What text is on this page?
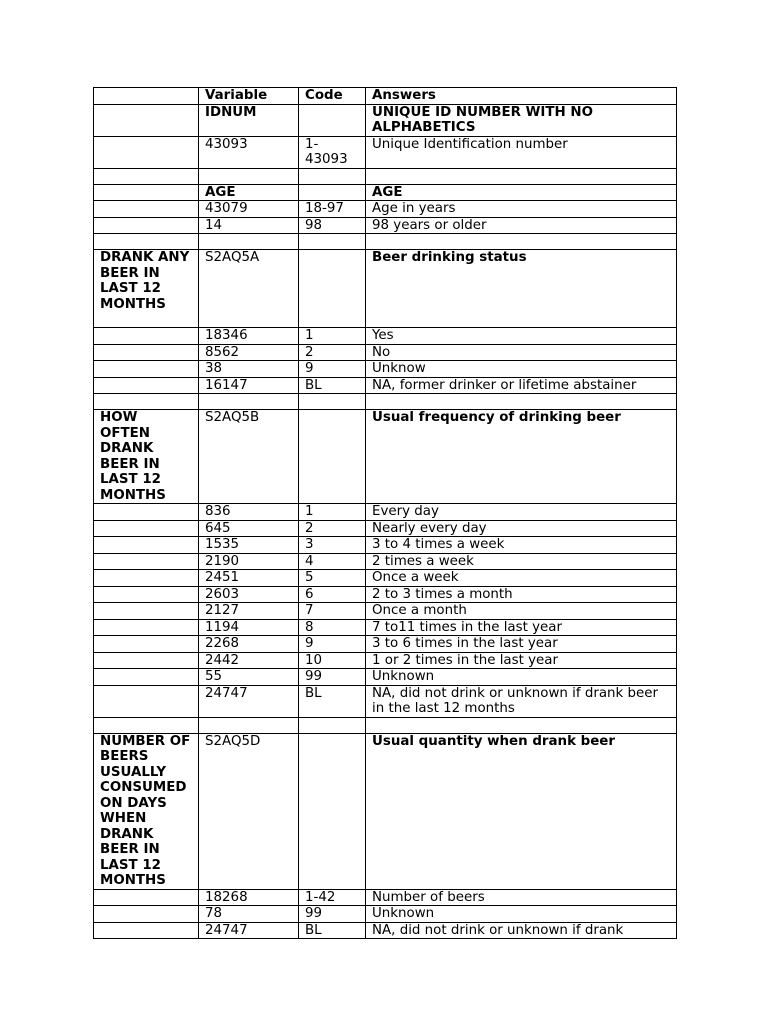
	Variable	Code	Answers
	IDNUM		UNIQUE ID NUMBER WITH NO ALPHABETICS
	43093	1-43093	Unique Identification number

	AGE		AGE
	43079	18-97	Age in years
	14	98	98 years or older

DRANK ANY BEER IN LAST 12 MONTHS	S2AQ5A		Beer drinking status
	18346	1	Yes
	8562	2	No
	38	9	Unknow
	16147	BL	NA, former drinker or lifetime abstainer

HOW OFTEN DRANK BEER IN LAST 12 MONTHS	S2AQ5B		Usual frequency of drinking beer
	836	1	Every day
	645	2	Nearly every day
	1535	3	3 to 4 times a week
	2190	4	2 times a week
	2451	5	Once a week
	2603	6	2 to 3 times a month
	2127	7	Once a month
	1194	8	7 to11 times in the last year
	2268	9	3 to 6 times in the last year
	2442	10	1 or 2 times in the last year
	55	99	Unknown
	24747	BL	NA, did not drink or unknown if drank beer in the last 12 months

NUMBER OF BEERS USUALLY CONSUMED ON DAYS WHEN DRANK BEER IN LAST 12 MONTHS	S2AQ5D		Usual quantity when drank beer
	18268	1-42	Number of beers
	78	99	Unknown
	24747	BL	NA, did not drink or unknown if drank
